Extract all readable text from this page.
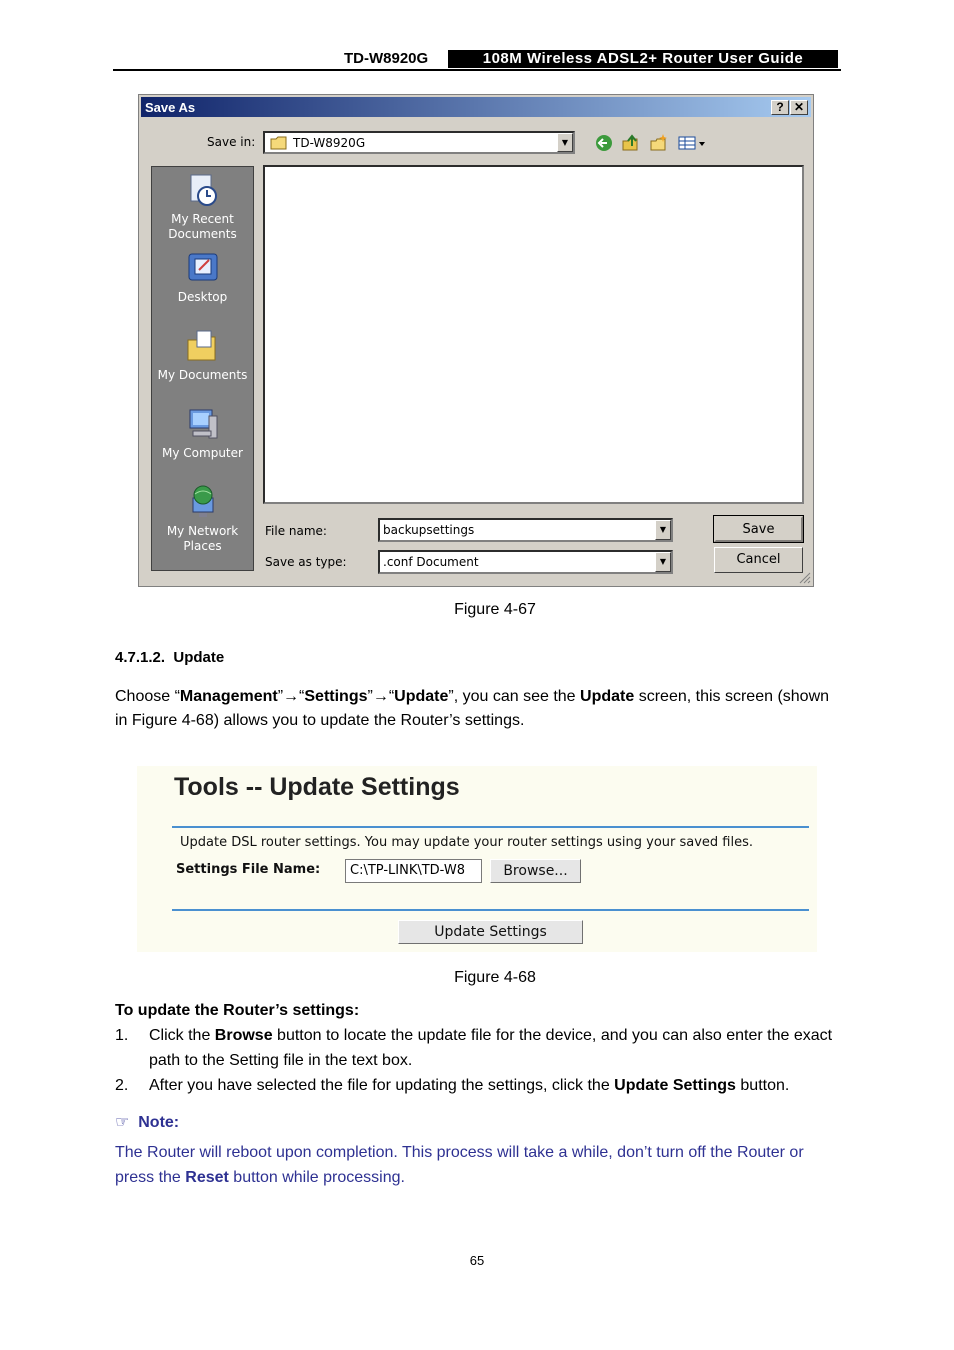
TD-W8920G	108M Wireless ADSL2+ Router User Guide
Save As	? ✕
Save in:	TD-W8920G	▼
My Recent Documents
Desktop
My Documents
My Computer
My Network Places
File name:	backupsettings	▼
Save as type:	.conf Document	▼
Save
Cancel
Figure 4-67
4.7.1.2. Update
Choose “Management”→“Settings”→“Update”, you can see the Update screen, this screen (shown in Figure 4-68) allows you to update the Router’s settings.
Tools -- Update Settings
Update DSL router settings. You may update your router settings using your saved files.
Settings File Name:	C:\TP-LINK\TD-W8	Browse...
Update Settings
Figure 4-68
To update the Router’s settings:
1. Click the Browse button to locate the update file for the device, and you can also enter the exact path to the Setting file in the text box.
2. After you have selected the file for updating the settings, click the Update Settings button.
☞ Note:
The Router will reboot upon completion. This process will take a while, don’t turn off the Router or press the Reset button while processing.
65
